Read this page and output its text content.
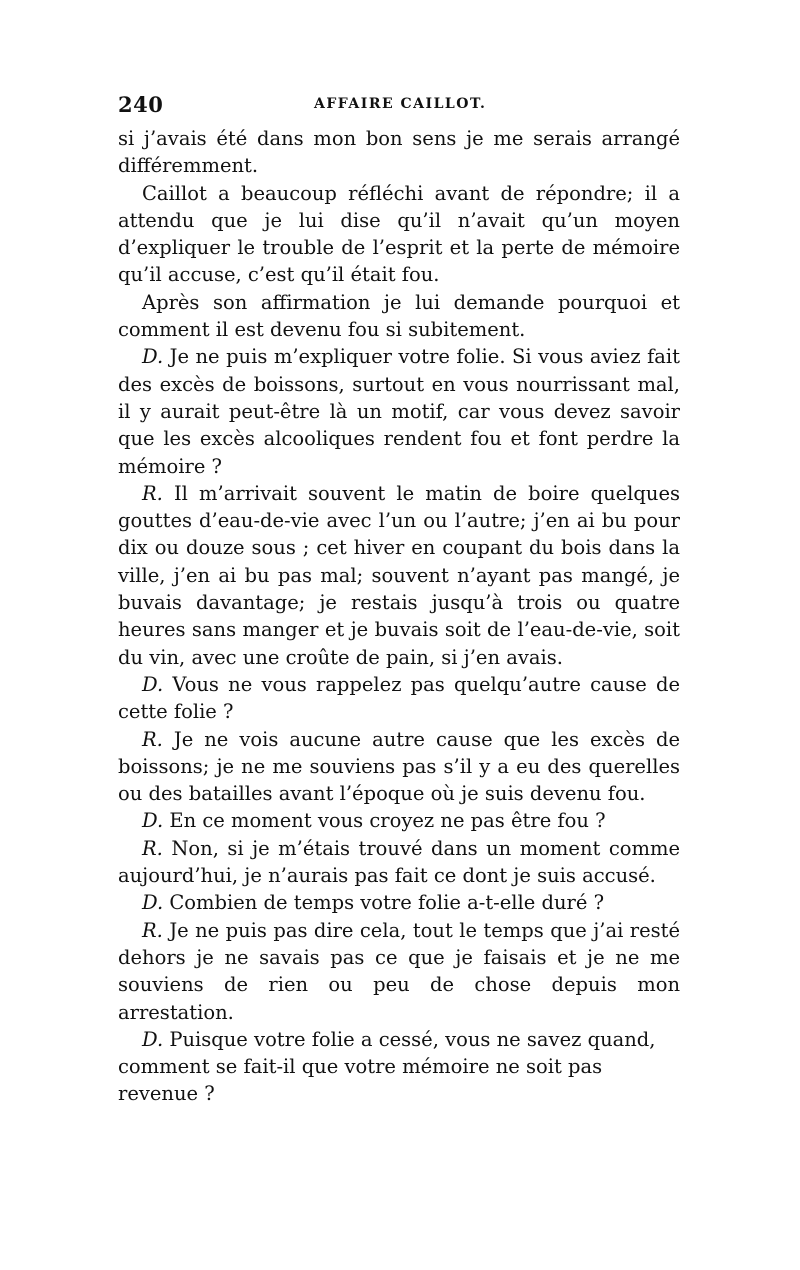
240	AFFAIRE CAILLOT.

si j’avais été dans mon bon sens je me serais arrangé différemment.

Caillot a beaucoup réfléchi avant de répondre; il a attendu que je lui dise qu’il n’avait qu’un moyen d’expliquer le trouble de l’esprit et la perte de mémoire qu’il accuse, c’est qu’il était fou.

Après son affirmation je lui demande pourquoi et comment il est devenu fou si subitement.

D. Je ne puis m’expliquer votre folie. Si vous aviez fait des excès de boissons, surtout en vous nourrissant mal, il y aurait peut-être là un motif, car vous devez savoir que les excès alcooliques rendent fou et font perdre la mémoire ?

R. Il m’arrivait souvent le matin de boire quelques gouttes d’eau-de-vie avec l’un ou l’autre; j’en ai bu pour dix ou douze sous ; cet hiver en coupant du bois dans la ville, j’en ai bu pas mal; souvent n’ayant pas mangé, je buvais davantage; je restais jusqu’à trois ou quatre heures sans manger et je buvais soit de l’eau-de-vie, soit du vin, avec une croûte de pain, si j’en avais.

D. Vous ne vous rappelez pas quelqu’autre cause de cette folie ?

R. Je ne vois aucune autre cause que les excès de boissons; je ne me souviens pas s’il y a eu des querelles ou des batailles avant l’époque où je suis devenu fou.

D. En ce moment vous croyez ne pas être fou ?

R. Non, si je m’étais trouvé dans un moment comme aujourd’hui, je n’aurais pas fait ce dont je suis accusé.

D. Combien de temps votre folie a-t-elle duré ?

R. Je ne puis pas dire cela, tout le temps que j’ai resté dehors je ne savais pas ce que je faisais et je ne me souviens de rien ou peu de chose depuis mon arrestation.

D. Puisque votre folie a cessé, vous ne savez quand, comment se fait-il que votre mémoire ne soit pas revenue ?
